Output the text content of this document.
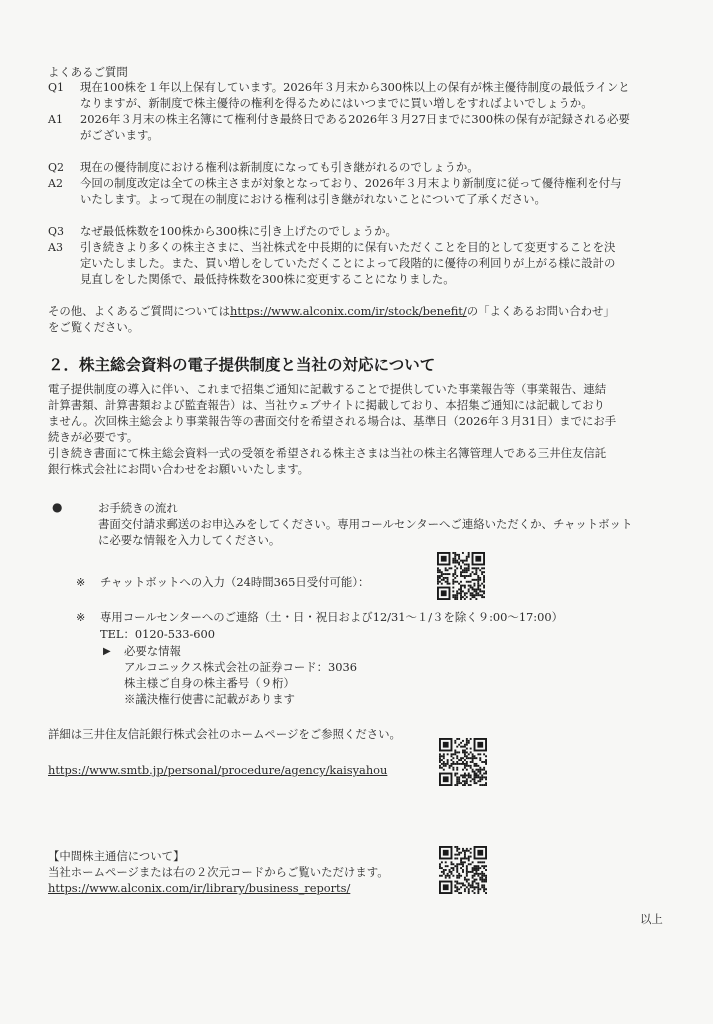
よくあるご質問
Q1 現在100株を１年以上保有しています。2026年３月末から300株以上の保有が株主優待制度の最低ラインと
なりますが、新制度で株主優待の権利を得るためにはいつまでに買い増しをすればよいでしょうか。
A1 2026年３月末の株主名簿にて権利付き最終日である2026年３月27日までに300株の保有が記録される必要
がございます。
Q2 現在の優待制度における権利は新制度になっても引き継がれるのでしょうか。
A2 今回の制度改定は全ての株主さまが対象となっており、2026年３月末より新制度に従って優待権利を付与
いたします。よって現在の制度における権利は引き継がれないことについて了承ください。
Q3 なぜ最低株数を100株から300株に引き上げたのでしょうか。
A3 引き続きより多くの株主さまに、当社株式を中長期的に保有いただくことを目的として変更することを決
定いたしました。また、買い増しをしていただくことによって段階的に優待の利回りが上がる様に設計の
見直しをした関係で、最低持株数を300株に変更することになりました。
その他、よくあるご質問についてはhttps://www.alconix.com/ir/stock/benefit/の「よくあるお問い合わせ」
をご覧ください。
２．株主総会資料の電子提供制度と当社の対応について
電子提供制度の導入に伴い、これまで招集ご通知に記載することで提供していた事業報告等（事業報告、連結
計算書類、計算書類および監査報告）は、当社ウェブサイトに掲載しており、本招集ご通知には記載しており
ません。次回株主総会より事業報告等の書面交付を希望される場合は、基準日（2026年３月31日）までにお手
続きが必要です。
引き続き書面にて株主総会資料一式の受領を希望される株主さまは当社の株主名簿管理人である三井住友信託
銀行株式会社にお問い合わせをお願いいたします。
●	お手続きの流れ
書面交付請求郵送のお申込みをしてください。専用コールセンターへご連絡いただくか、チャットボット
に必要な情報を入力してください。
※ チャットボットへの入力（24時間365日受付可能）：
※ 専用コールセンターへのご連絡（土・日・祝日および12/31～１/３を除く９:00～17:00）
TEL：0120-533-600
▶ 必要な情報
アルコニックス株式会社の証券コード：3036
株主様ご自身の株主番号（９桁）
※議決権行使書に記載があります
詳細は三井住友信託銀行株式会社のホームページをご参照ください。
https://www.smtb.jp/personal/procedure/agency/kaisyahou
【中間株主通信について】
当社ホームページまたは右の２次元コードからご覧いただけます。
https://www.alconix.com/ir/library/business_reports/
以上
